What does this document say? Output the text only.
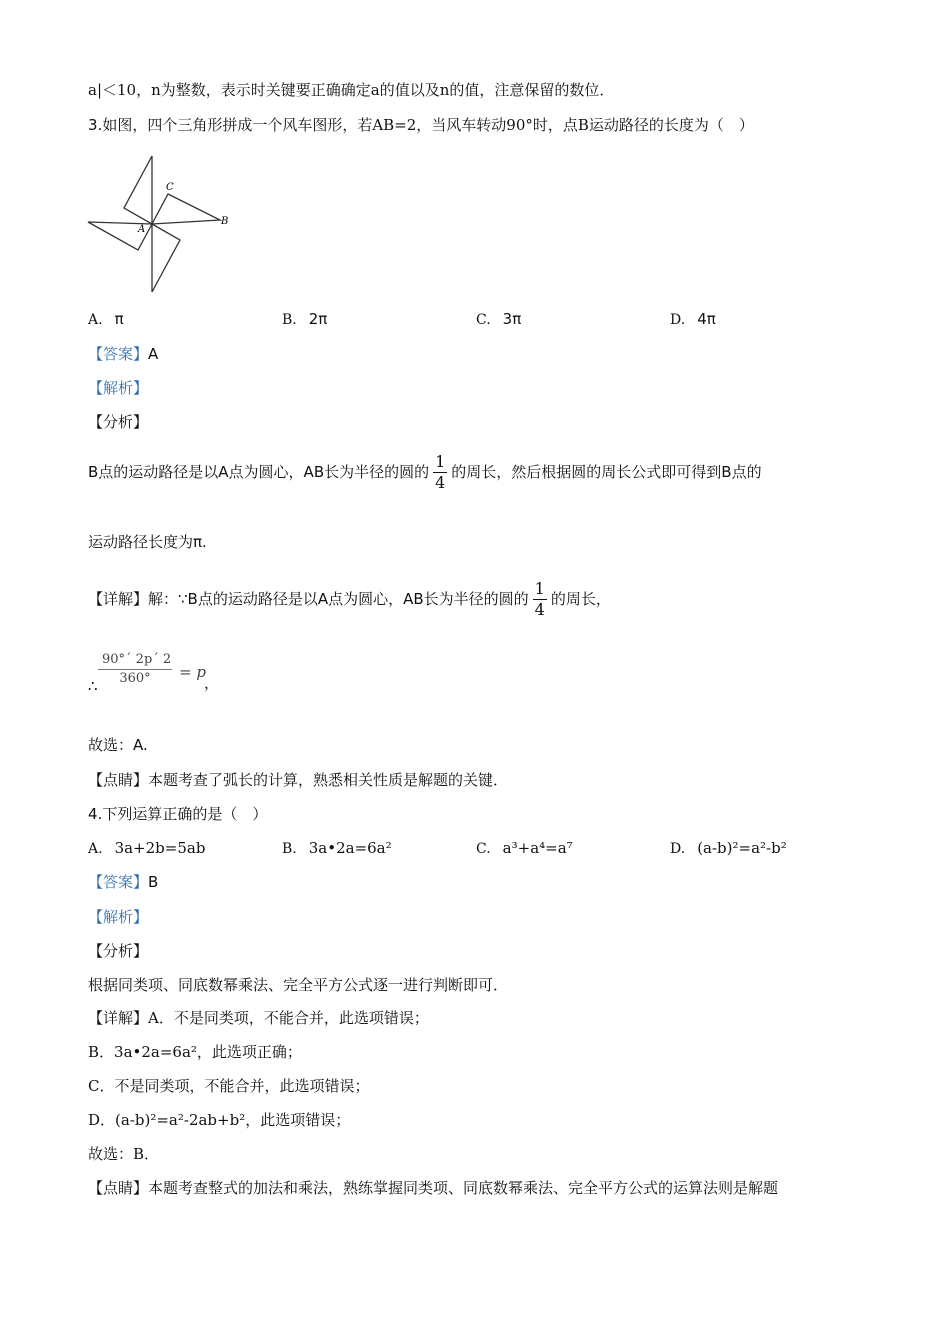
a|＜10，n为整数，表示时关键要正确确定a的值以及n的值，注意保留的数位．
3.如图，四个三角形拼成一个风车图形，若AB=2，当风车转动90°时，点B运动路径的长度为（　）
C
B
A
A. π	B. 2π	C. 3π	D. 4π
【答案】A
【解析】
【分析】
B点的运动路径是以A点为圆心，AB长为半径的圆的 $\frac{1}{4}$ 的周长，然后根据圆的周长公式即可得到B点的
运动路径长度为π.
【详解】解：∵B点的运动路径是以A点为圆心，AB长为半径的圆的 $\frac{1}{4}$ 的周长，
∴ $\frac{90^\circ´ 2p´ 2}{360^\circ} = p$
，
故选：A.
【点睛】本题考查了弧长的计算，熟悉相关性质是解题的关键．
4.下列运算正确的是（　）
A. 3a+2b=5ab	B. 3a•2a=6a²	C. a³+a⁴=a⁷	D. (a-b)²=a²-b²
【答案】B
【解析】
【分析】
根据同类项、同底数幂乘法、完全平方公式逐一进行判断即可．
【详解】A．不是同类项，不能合并，此选项错误；
B．3a•2a=6a²，此选项正确；
C．不是同类项，不能合并，此选项错误；
D．(a-b)²=a²-2ab+b²，此选项错误；
故选：B．
【点睛】本题考查整式的加法和乘法，熟练掌握同类项、同底数幂乘法、完全平方公式的运算法则是解题
